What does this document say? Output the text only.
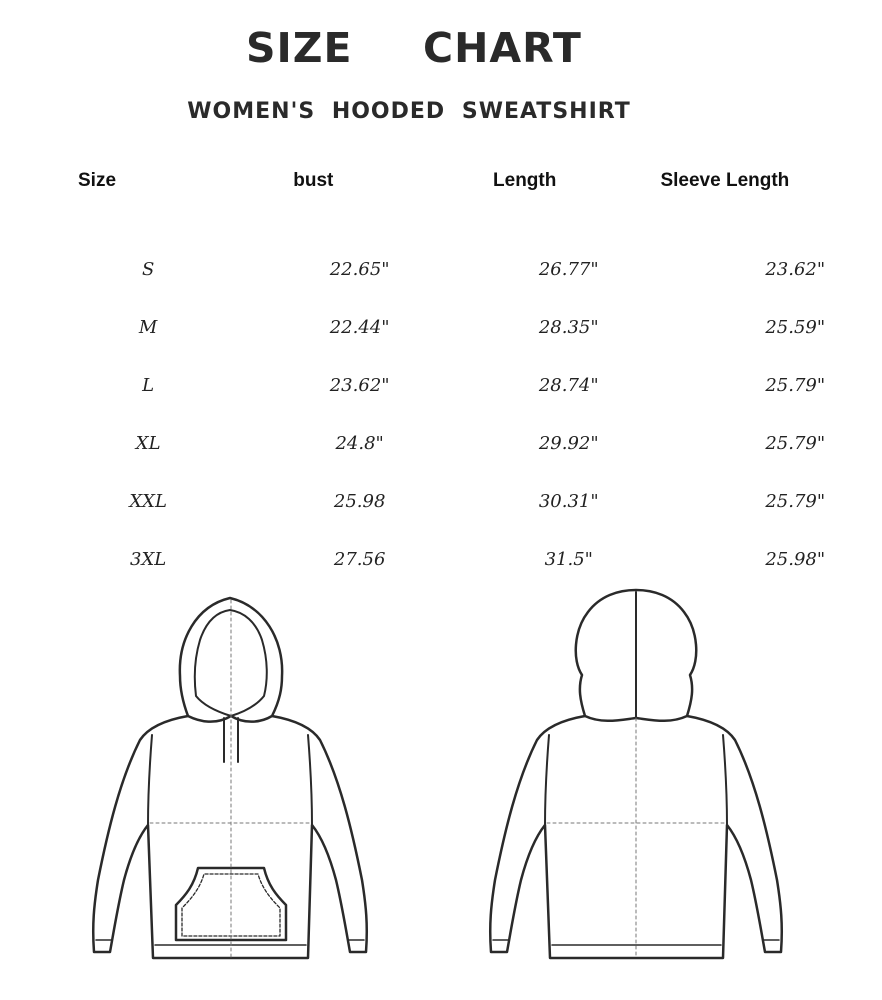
SIZE CHART
WOMEN'S HOODED SWEATSHIRT
Size	bust	Length	Sleeve Length

S	22.65"	26.77"	23.62"
M	22.44"	28.35"	25.59"
L	23.62"	28.74"	25.79"
XL	24.8"	29.92"	25.79"
XXL	25.98	30.31"	25.79"
3XL	27.56	31.5"	25.98"
